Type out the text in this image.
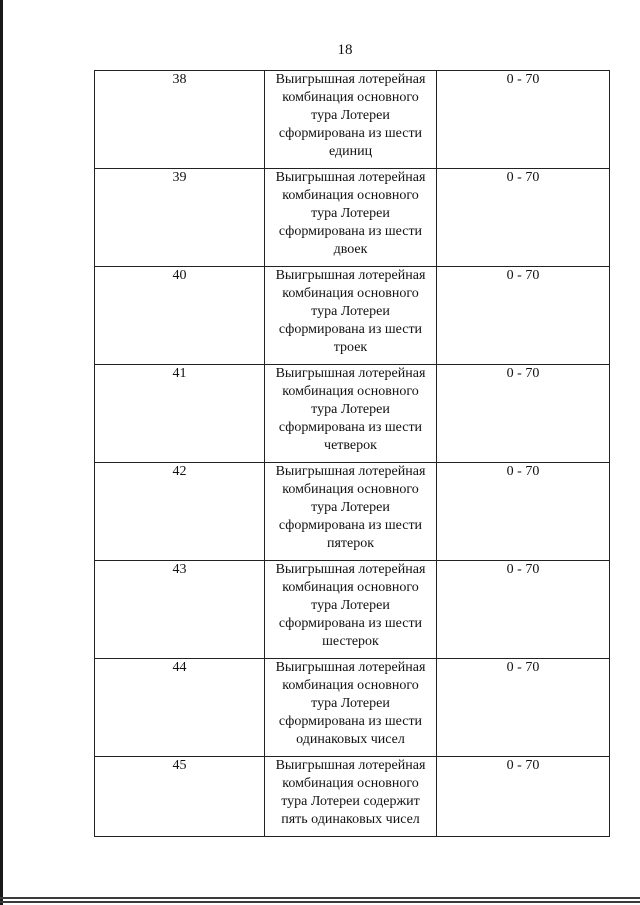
18
38	Выигрышная лотерейная
комбинация основного
тура Лотереи
сформирована из шести
единиц	0 - 70
39	Выигрышная лотерейная
комбинация основного
тура Лотереи
сформирована из шести
двоек	0 - 70
40	Выигрышная лотерейная
комбинация основного
тура Лотереи
сформирована из шести
троек	0 - 70
41	Выигрышная лотерейная
комбинация основного
тура Лотереи
сформирована из шести
четверок	0 - 70
42	Выигрышная лотерейная
комбинация основного
тура Лотереи
сформирована из шести
пятерок	0 - 70
43	Выигрышная лотерейная
комбинация основного
тура Лотереи
сформирована из шести
шестерок	0 - 70
44	Выигрышная лотерейная
комбинация основного
тура Лотереи
сформирована из шести
одинаковых чисел	0 - 70
45	Выигрышная лотерейная
комбинация основного
тура Лотереи содержит
пять одинаковых чисел	0 - 70
